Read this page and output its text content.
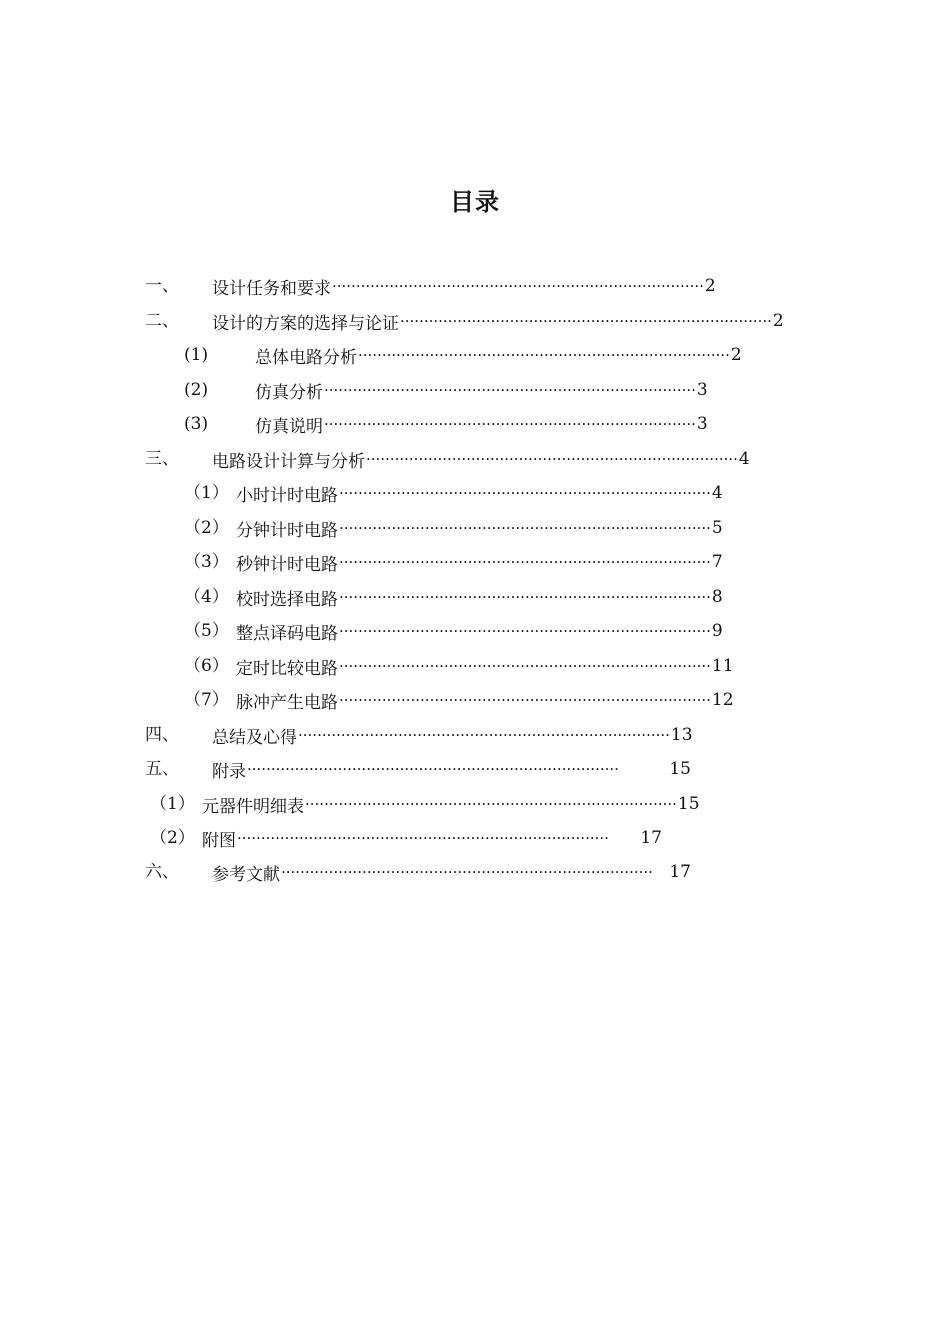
目录
一、 设计任务和要求 ·············································································· 2
二、 设计的方案的选择与论证 ·············································································· 2
(1)	总体电路分析 ·············································································· 2
(2)	仿真分析 ·············································································· 3
(3)	仿真说明 ·············································································· 3
三、 电路设计计算与分析 ·············································································· 4
（1） 小时计时电路 ·············································································· 4
（2） 分钟计时电路 ·············································································· 5
（3） 秒钟计时电路 ·············································································· 7
（4） 校时选择电路 ·············································································· 8
（5） 整点译码电路 ·············································································· 9
（6） 定时比较电路 ·············································································· 11
（7） 脉冲产生电路 ·············································································· 12
四、 总结及心得 ·············································································· 13
五、 附录 ··············································································	15
（1） 元器件明细表 ·············································································· 15
（2） 附图 ··············································································	17
六、 参考文献 ·············································································· 17
